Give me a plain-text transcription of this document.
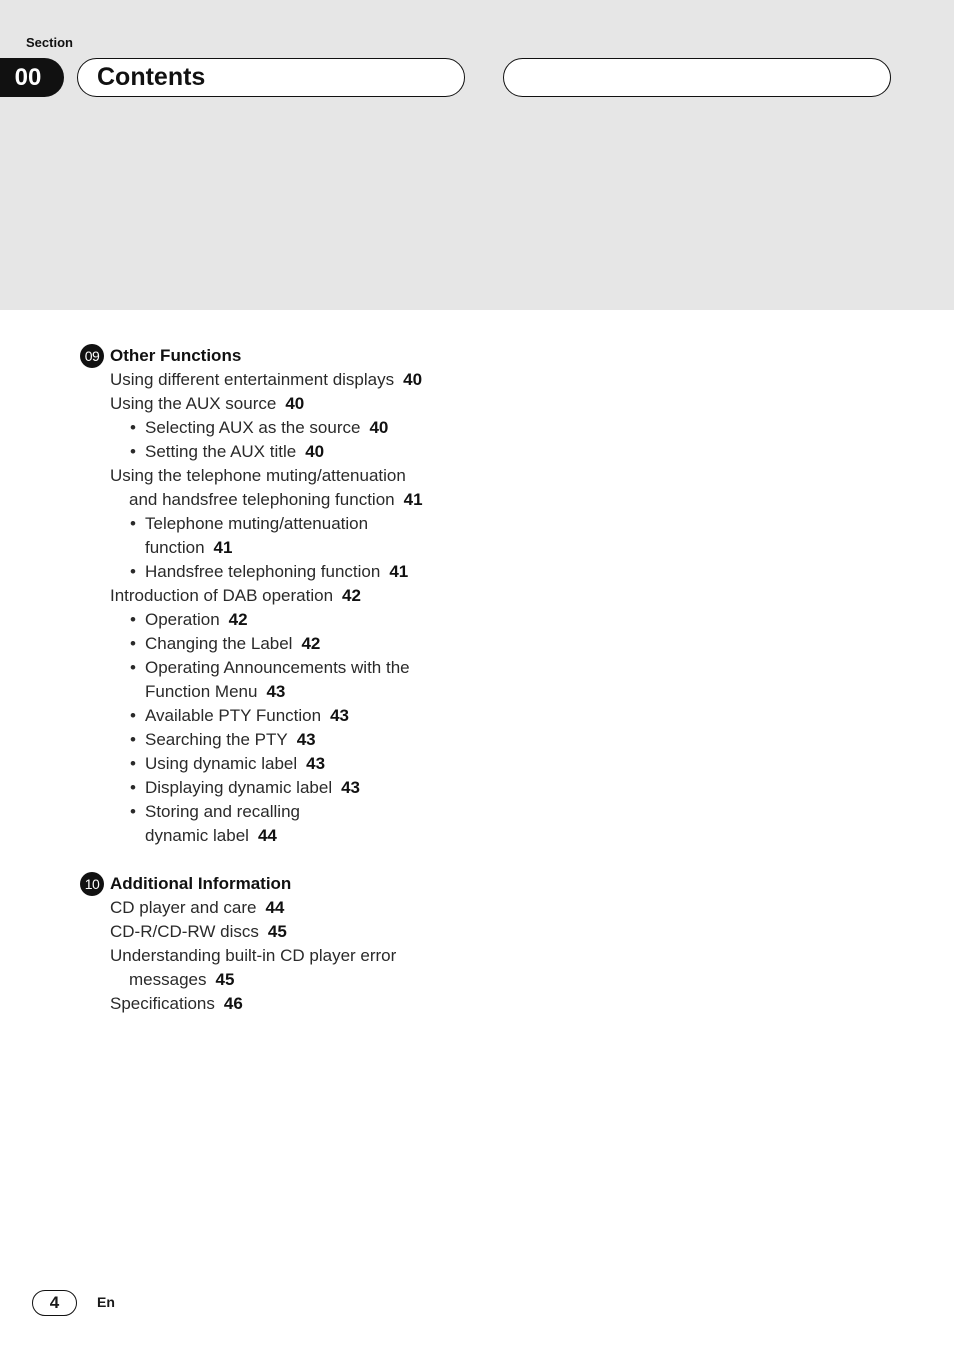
Section
00	Contents
09 Other Functions
Using different entertainment displays 40
Using the AUX source 40
• Selecting AUX as the source 40
• Setting the AUX title 40
Using the telephone muting/attenuation
and handsfree telephoning function 41
• Telephone muting/attenuation
function 41
• Handsfree telephoning function 41
Introduction of DAB operation 42
• Operation 42
• Changing the Label 42
• Operating Announcements with the
Function Menu 43
• Available PTY Function 43
• Searching the PTY 43
• Using dynamic label 43
• Displaying dynamic label 43
• Storing and recalling
dynamic label 44
10 Additional Information
CD player and care 44
CD-R/CD-RW discs 45
Understanding built-in CD player error
messages 45
Specifications 46
4	En
